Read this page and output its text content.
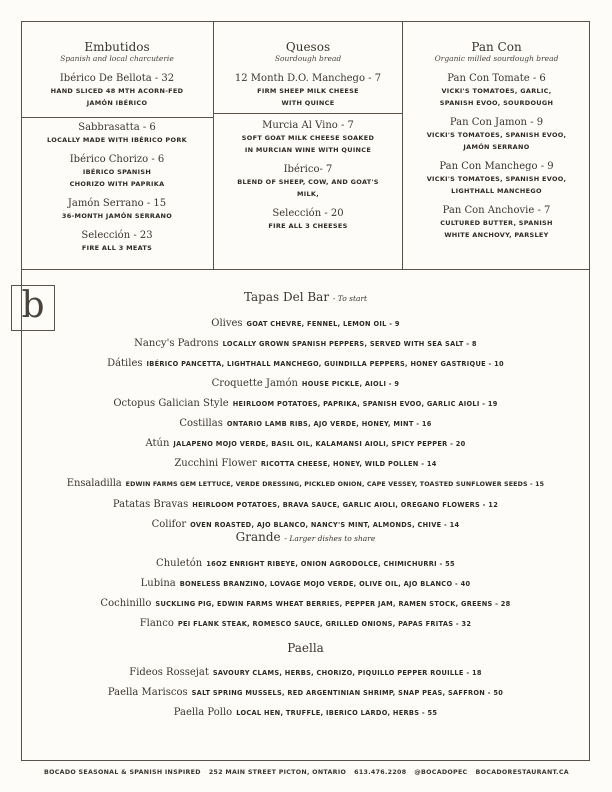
Embutidos
Spanish and local charcuterie
Ibérico De Bellota - 32
HAND SLICED 48 MTH ACORN-FED
JAMÓN IBÉRICO
Sabbrasatta - 6
LOCALLY MADE WITH IBÉRICO PORK
Ibérico Chorizo - 6
IBÉRICO SPANISH
CHORIZO WITH PAPRIKA
Jamón Serrano - 15
36-MONTH JAMÓN SERRANO
Selección - 23
FIRE ALL 3 MEATS
Quesos
Sourdough bread
12 Month D.O. Manchego - 7
FIRM SHEEP MILK CHEESE
WITH QUINCE
Murcia Al Vino - 7
SOFT GOAT MILK CHEESE SOAKED
IN MURCIAN WINE WITH QUINCE
Ibérico- 7
BLEND OF SHEEP, COW, AND GOAT'S
MILK,
Selección - 20
FIRE ALL 3 CHEESES
Pan Con
Organic milled sourdough bread
Pan Con Tomate - 6
VICKI'S TOMATOES, GARLIC,
SPANISH EVOO, SOURDOUGH
Pan Con Jamon - 9
VICKI'S TOMATOES, SPANISH EVOO,
JAMÓN SERRANO
Pan Con Manchego - 9
VICKI'S TOMATOES, SPANISH EVOO,
LIGHTHALL MANCHEGO
Pan Con Anchovie - 7
CULTURED BUTTER, SPANISH
WHITE ANCHOVY, PARSLEY
b	Tapas Del Bar - To start
Olives GOAT CHEVRE, FENNEL, LEMON OIL - 9
Nancy's Padrons LOCALLY GROWN SPANISH PEPPERS, SERVED WITH SEA SALT - 8
Dátiles IBÉRICO PANCETTA, LIGHTHALL MANCHEGO, GUINDILLA PEPPERS, HONEY GASTRIQUE - 10
Croquette Jamón HOUSE PICKLE, AIOLI - 9
Octopus Galician Style HEIRLOOM POTATOES, PAPRIKA, SPANISH EVOO, GARLIC AIOLI - 19
Costillas ONTARIO LAMB RIBS, AJO VERDE, HONEY, MINT - 16
Atún JALAPENO MOJO VERDE, BASIL OIL, KALAMANSI AIOLI, SPICY PEPPER - 20
Zucchini Flower RICOTTA CHEESE, HONEY, WILD POLLEN - 14
Ensaladilla EDWIN FARMS GEM LETTUCE, VERDE DRESSING, PICKLED ONION, CAPE VESSEY, TOASTED SUNFLOWER SEEDS - 15
Patatas Bravas HEIRLOOM POTATOES, BRAVA SAUCE, GARLIC AIOLI, OREGANO FLOWERS - 12
Colifor OVEN ROASTED, AJO BLANCO, NANCY'S MINT, ALMONDS, CHIVE - 14
Grande - Larger dishes to share
Chuletón 16OZ ENRIGHT RIBEYE, ONION AGRODOLCE, CHIMICHURRI - 55
Lubina BONELESS BRANZINO, LOVAGE MOJO VERDE, OLIVE OIL, AJO BLANCO - 40
Cochinillo SUCKLING PIG, EDWIN FARMS WHEAT BERRIES, PEPPER JAM, RAMEN STOCK, GREENS - 28
Flanco PEI FLANK STEAK, ROMESCO SAUCE, GRILLED ONIONS, PAPAS FRITAS - 32
Paella
Fideos Rossejat SAVOURY CLAMS, HERBS, CHORIZO, PIQUILLO PEPPER ROUILLE - 18
Paella Mariscos SALT SPRING MUSSELS, RED ARGENTINIAN SHRIMP, SNAP PEAS, SAFFRON - 50
Paella Pollo LOCAL HEN, TRUFFLE, IBERICO LARDO, HERBS - 55
BOCADO SEASONAL & SPANISH INSPIRED 252 MAIN STREET PICTON, ONTARIO 613.476.2208 @BOCADOPEC BOCADORESTAURANT.CA
